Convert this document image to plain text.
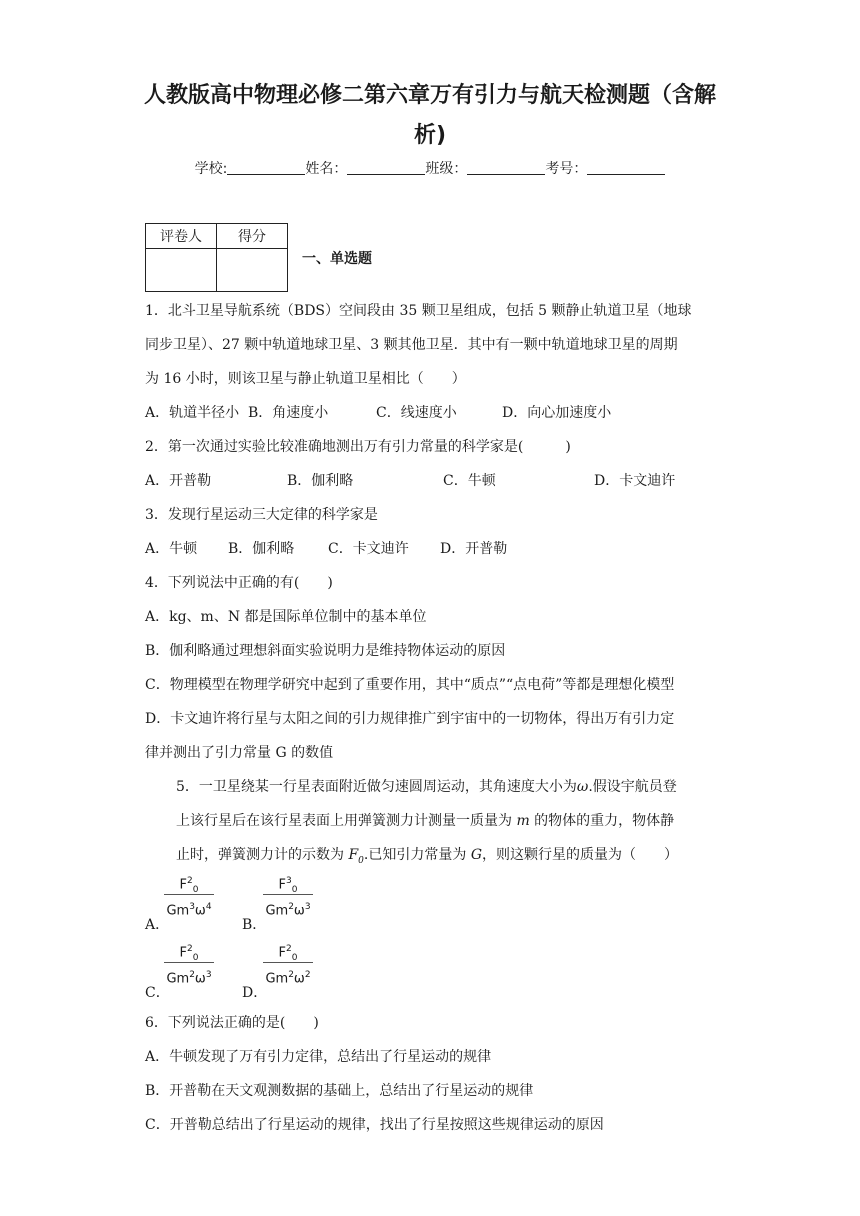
人教版高中物理必修二第六章万有引力与航天检测题（含解
析)
学校:	姓名：	班级：	考号：
评卷人	得分

一、单选题
1．北斗卫星导航系统（BDS）空间段由 35 颗卫星组成，包括 5 颗静止轨道卫星（地球
同步卫星）、27 颗中轨道地球卫星、3 颗其他卫星．其中有一颗中轨道地球卫星的周期
为 16 小时，则该卫星与静止轨道卫星相比（　　）
A．轨道半径小 B．角速度小	C．线速度小	D．向心加速度小
2．第一次通过实验比较准确地测出万有引力常量的科学家是(　　　)
A．开普勒	B．伽利略	C．牛顿	D．卡文迪许
3．发现行星运动三大定律的科学家是
A．牛顿 B．伽利略 C．卡文迪许 D．开普勒
4．下列说法中正确的有(　　)
A．kg、m、N 都是国际单位制中的基本单位
B．伽利略通过理想斜面实验说明力是维持物体运动的原因
C．物理模型在物理学研究中起到了重要作用，其中“质点”“点电荷”等都是理想化模型
D．卡文迪许将行星与太阳之间的引力规律推广到宇宙中的一切物体，得出万有引力定
律并测出了引力常量 G 的数值
5．一卫星绕某一行星表面附近做匀速圆周运动，其角速度大小为ω.假设宇航员登
上该行星后在该行星表面上用弹簧测力计测量一质量为 m 的物体的重力，物体静
止时，弹簧测力计的示数为 $F_0$.已知引力常量为 G，则这颗行星的质量为（　　）
A．
$F^2_0$
$Gm^3\omega^4$
B．
$F^3_0$
$Gm^2\omega^3$
C．
$F^2_0$
$Gm^2\omega^3$
D．
$F^2_0$
$Gm^2\omega^2$
6．下列说法正确的是(　　)
A．牛顿发现了万有引力定律，总结出了行星运动的规律
B．开普勒在天文观测数据的基础上，总结出了行星运动的规律
C．开普勒总结出了行星运动的规律，找出了行星按照这些规律运动的原因
